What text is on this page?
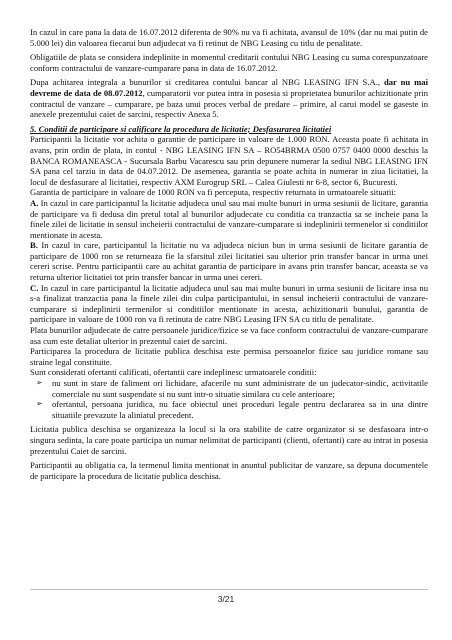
In cazul in care pana la data de 16.07.2012 diferenta de 90% nu va fi achitata, avansul de 10% (dar nu mai putin de 5.000 lei) din valoarea fiecarui bun adjudecat va fi retinut de NBG Leasing cu titlu de penalitate.

Obligatiile de plata se considera indeplinite in momentul creditarii contului NBG Leasing cu suma corespunzatoare conform contractului de vanzare-cumparare pana in data de 16.07.2012.

Dupa achitarea integrala a bunurilor si creditarea contului bancar al NBG LEASING IFN S.A., dar nu mai devreme de data de 08.07.2012, cumparatorii vor putea intra in posesia si proprietatea bunurilor achizitionate prin contractul de vanzare – cumparare, pe baza unui proces verbal de predare – primire, al carui model se gaseste in anexele prezentului caiet de sarcini, respectiv Anexa 5.

5. Conditii de participare si calificare la procedura de licitatie; Desfasurarea licitatiei

Participantii la licitatie vor achita o garantie de participare in valoare de 1.000 RON. Aceasta poate fi achitata in avans, prin ordin de plata, in contul - NBG LEASING IFN SA – RO54BRMA 0500 0757 0400 0000 deschis la BANCA ROMANEASCA - Sucursala Barbu Vacarescu sau prin depunere numerar la sediul NBG LEASING IFN SA pana cel tarziu in data de 04.07.2012. De asemenea, garantia se poate achita in numerar in ziua licitatiei, la locul de desfasurare al licitatiei, respectiv AXM Eurogrup SRL – Calea Giulesti nr 6-8, sector 6, Bucuresti.

Garantia de participare in valoare de 1000 RON va fi perceputa, respectiv returnata in urmatoarele situatii:

A. In cazul in care participantul la licitatie adjudeca unul sau mai multe bunuri in urma sesiunii de licitare, garantia de participare va fi dedusa din pretul total al bunurilor adjudecate cu conditia ca tranzactia sa se incheie pana la finele zilei de licitatie in sensul incheierii contractului de vanzare-cumparare si indeplinirii termenelor si conditiilor mentionate in acesta.

B. In cazul in care, participantul la licitatie nu va adjudeca niciun bun in urma sesiunii de licitare garantia de participare de 1000 ron se returneaza fie la sfarsitul zilei licitatiei sau ulterior prin transfer bancar in urma unei cereri scrise. Pentru participantii care au achitat garantia de participare in avans prin transfer bancar, aceasta se va returna ulterior licitatiei tot prin transfer bancar in urma unei cereri.

C. In cazul in care participantul la licitatie adjudeca unul sau mai multe bunuri in urma sesiunii de licitare insa nu s-a finalizat tranzactia pana la finele zilei din culpa participantului, in sensul incheierii contractului de vanzare-cumparare si indeplinirii termenilor si conditiilor mentionate in acesta, achizitionarii bunului, garantia de participare in valoare de 1000 ron va fi retinuta de catre NBG Leasing IFN SA cu titlu de penalitate.

Plata bunurilor adjudecate de catre persoanele juridice/fizice se va face conform contractului de vanzare-cumparare asa cum este detaliat ulterior in prezentul caiet de sarcini.

Participarea la procedura de licitatie publica deschisa este permisa persoanelor fizice sau juridice romane sau straine legal constituite.

Sunt considerati ofertanti calificati, ofertantii care indeplinesc urmatoarele conditii:

➢ nu sunt in stare de faliment ori lichidare, afacerile nu sunt administrate de un judecator-sindic, activitatile comerciale nu sunt suspendate si nu sunt intr-o situatie similara cu cele anterioare;
➢ ofertantul, persoana juridica, nu face obiectul unei proceduri legale pentru declararea sa in una dintre situatiile prevazute la aliniatul precedent.

Licitatia publica deschisa se organizeaza la locul si la ora stabilite de catre organizator si se desfasoara intr-o singura sedinta, la care poate participa un numar nelimitat de participanti (clienti, ofertanti) care au intrat in posesia prezentului Caiet de sarcini.

Participantii au obligatia ca, la termenul limita mentionat in anuntul publicitar de vanzare, sa depuna documentele de participare la procedura de licitatie publica deschisa.

3/21
